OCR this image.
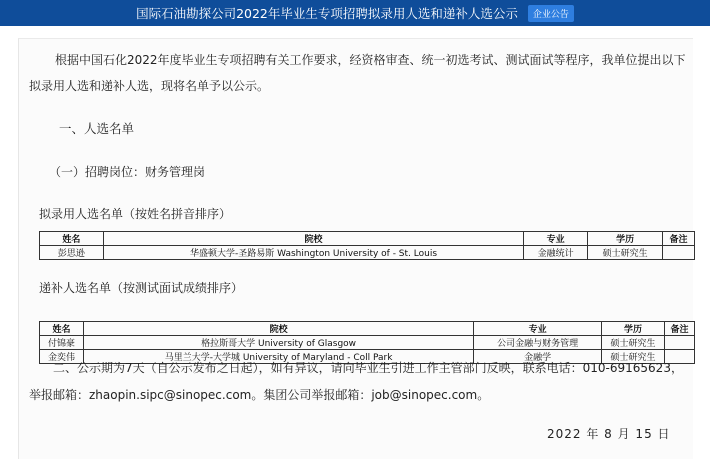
国际石油勘探公司2022年毕业生专项招聘拟录用人选和递补人选公示	企业公告

根据中国石化2022年度毕业生专项招聘有关工作要求，经资格审查、统一初选考试、测试面试等程序，我单位提出以下拟录用人选和递补人选，现将名单予以公示。

一、人选名单
（一）招聘岗位：财务管理岗
拟录用人选名单（按姓名拼音排序）
姓名	院校	专业	学历	备注
彭思逊	华盛顿大学-圣路易斯 Washington University of - St. Louis	金融统计	硕士研究生	
递补人选名单（按测试面试成绩排序）
姓名	院校	专业	学历	备注
付锦豪	格拉斯哥大学 University of Glasgow	公司金融与财务管理	硕士研究生	
金奕伟	马里兰大学-大学城 University of Maryland - Coll Park	金融学	硕士研究生	

二、公示期为7天（自公示发布之日起），如有异议，请向毕业生引进工作主管部门反映，联系电话：010-69165623，举报邮箱：zhaopin.sipc@sinopec.com。集团公司举报邮箱：job@sinopec.com。

2022 年 8 月 15 日
